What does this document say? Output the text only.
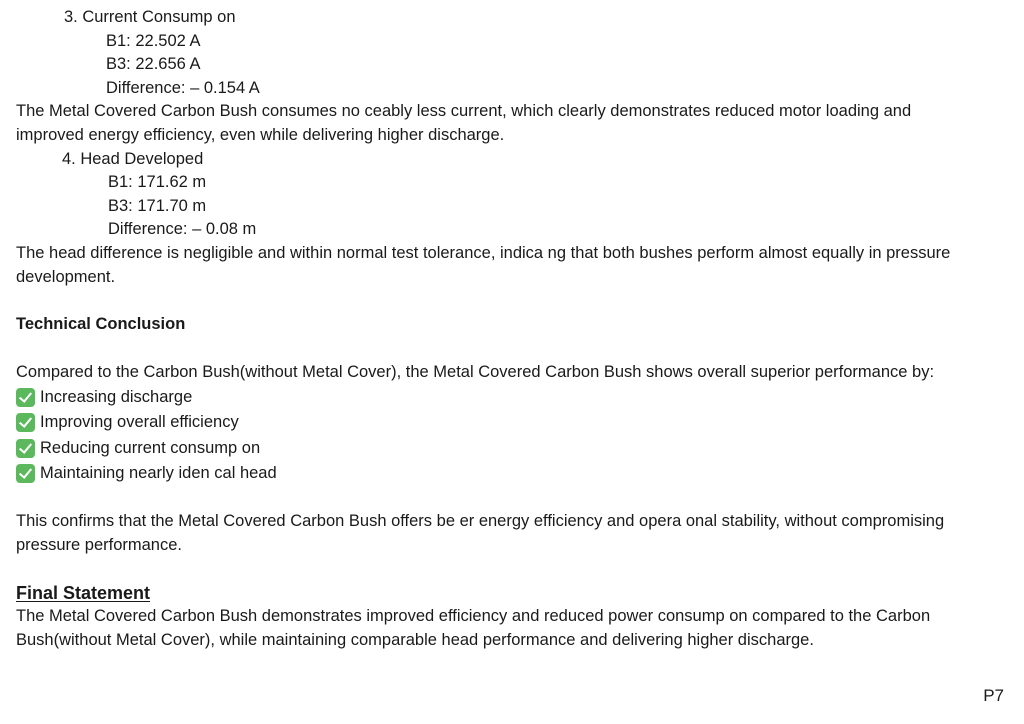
3. Current Consump on
B1: 22.502 A
B3: 22.656 A
Difference: – 0.154 A
The Metal Covered Carbon Bush consumes no ceably less current, which clearly demonstrates reduced motor loading and
improved energy efficiency, even while delivering higher discharge.
4. Head Developed
B1: 171.62 m
B3: 171.70 m
Difference: – 0.08 m
The head difference is negligible and within normal test tolerance, indica ng that both bushes perform almost equally in pressure
development.
Technical Conclusion
Compared to the Carbon Bush(without Metal Cover), the Metal Covered Carbon Bush shows overall superior performance by:
Increasing discharge
Improving overall efficiency
Reducing current consump on
Maintaining nearly iden cal head
This confirms that the Metal Covered Carbon Bush offers be er energy efficiency and opera onal stability, without compromising
pressure performance.
Final Statement
The Metal Covered Carbon Bush demonstrates improved efficiency and reduced power consump on compared to the Carbon
Bush(without Metal Cover), while maintaining comparable head performance and delivering higher discharge.
P7
